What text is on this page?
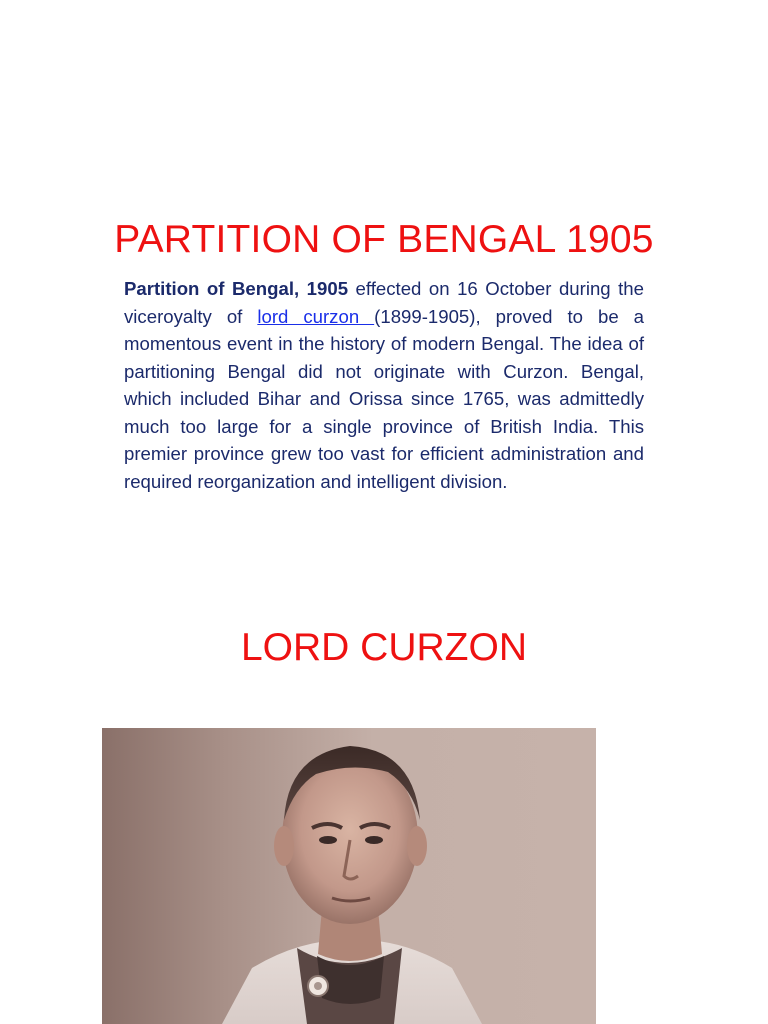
PARTITION OF BENGAL 1905

Partition of Bengal, 1905 effected on 16 October during the viceroyalty of lord curzon (1899-1905), proved to be a momentous event in the history of modern Bengal. The idea of partitioning Bengal did not originate with Curzon. Bengal, which included Bihar and Orissa since 1765, was admittedly much too large for a single province of British India. This premier province grew too vast for efficient administration and required reorganization and intelligent division.

LORD CURZON
